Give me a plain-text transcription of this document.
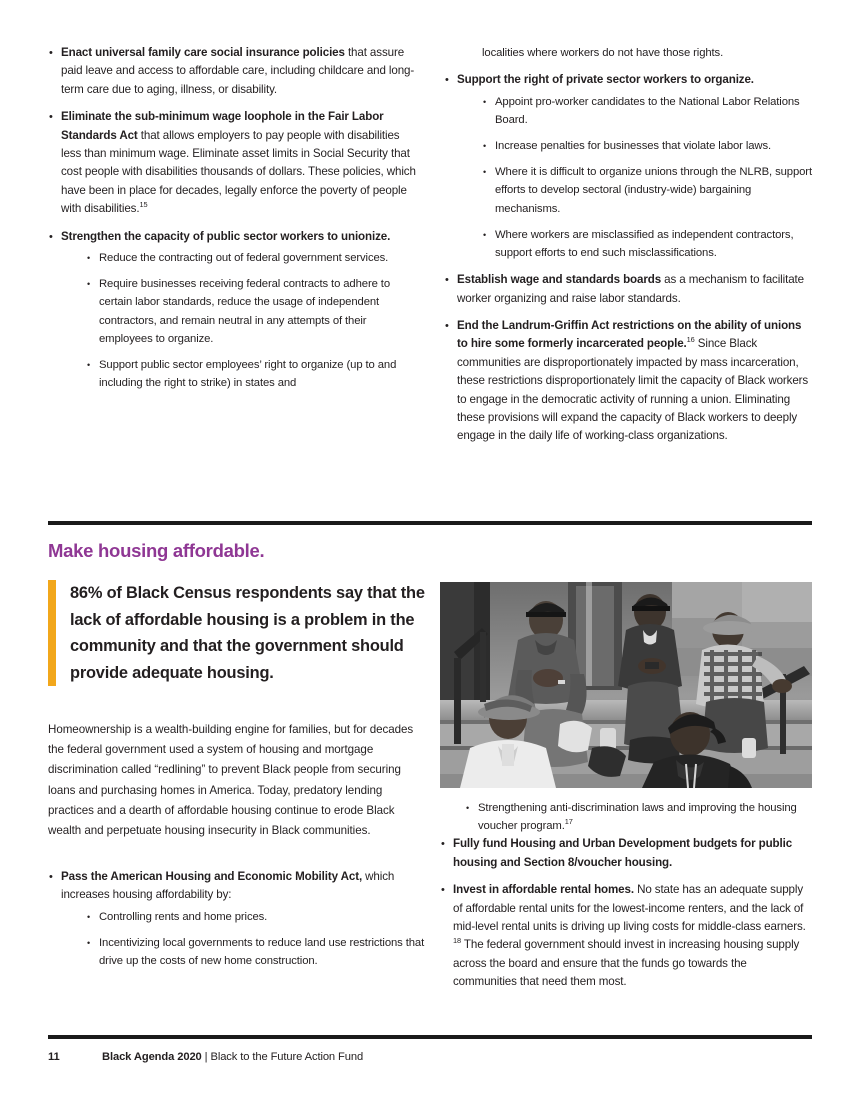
• Enact universal family care social insurance policies that assure paid leave and access to affordable care, including childcare and long-term care due to aging, illness, or disability.
• Eliminate the sub-minimum wage loophole in the Fair Labor Standards Act that allows employers to pay people with disabilities less than minimum wage. Eliminate asset limits in Social Security that cost people with disabilities thousands of dollars. These policies, which have been in place for decades, legally enforce the poverty of people with disabilities.$^{15}$
• Strengthen the capacity of public sector workers to unionize.
• Reduce the contracting out of federal government services.
• Require businesses receiving federal contracts to adhere to certain labor standards, reduce the usage of independent contractors, and remain neutral in any attempts of their employees to organize.
• Support public sector employees’ right to organize (up to and including the right to strike) in states and
localities where workers do not have those rights.
• Support the right of private sector workers to organize.
• Appoint pro-worker candidates to the National Labor Relations Board.
• Increase penalties for businesses that violate labor laws.
• Where it is difficult to organize unions through the NLRB, support efforts to develop sectoral (industry-wide) bargaining mechanisms.
• Where workers are misclassified as independent contractors, support efforts to end such misclassifications.
• Establish wage and standards boards as a mechanism to facilitate worker organizing and raise labor standards.
• End the Landrum-Griffin Act restrictions on the ability of unions to hire some formerly incarcerated people.$^{16}$ Since Black communities are disproportionately impacted by mass incarceration, these restrictions disproportionately limit the capacity of Black workers to engage in the democratic activity of running a union. Eliminating these provisions will expand the capacity of Black workers to deeply engage in the daily life of working-class organizations.
Make housing affordable.
86% of Black Census respondents say that the lack of affordable housing is a problem in the community and that the government should provide adequate housing.
Homeownership is a wealth-building engine for families, but for decades the federal government used a system of housing and mortgage discrimination called “redlining” to prevent Black people from securing loans and purchasing homes in America. Today, predatory lending practices and a dearth of affordable housing continue to erode Black wealth and perpetuate housing insecurity in Black communities.
• Pass the American Housing and Economic Mobility Act, which increases housing affordability by:
• Controlling rents and home prices.
• Incentivizing local governments to reduce land use restrictions that drive up the costs of new home construction.
• Strengthening anti-discrimination laws and improving the housing voucher program.$^{17}$
• Fully fund Housing and Urban Development budgets for public housing and Section 8/voucher housing.
• Invest in affordable rental homes. No state has an adequate supply of affordable rental units for the lowest-income renters, and the lack of mid-level rental units is driving up living costs for middle-class earners. $^{18}$ The federal government should invest in increasing housing supply across the board and ensure that the funds go towards the communities that need them most.
11	Black Agenda 2020 | Black to the Future Action Fund
